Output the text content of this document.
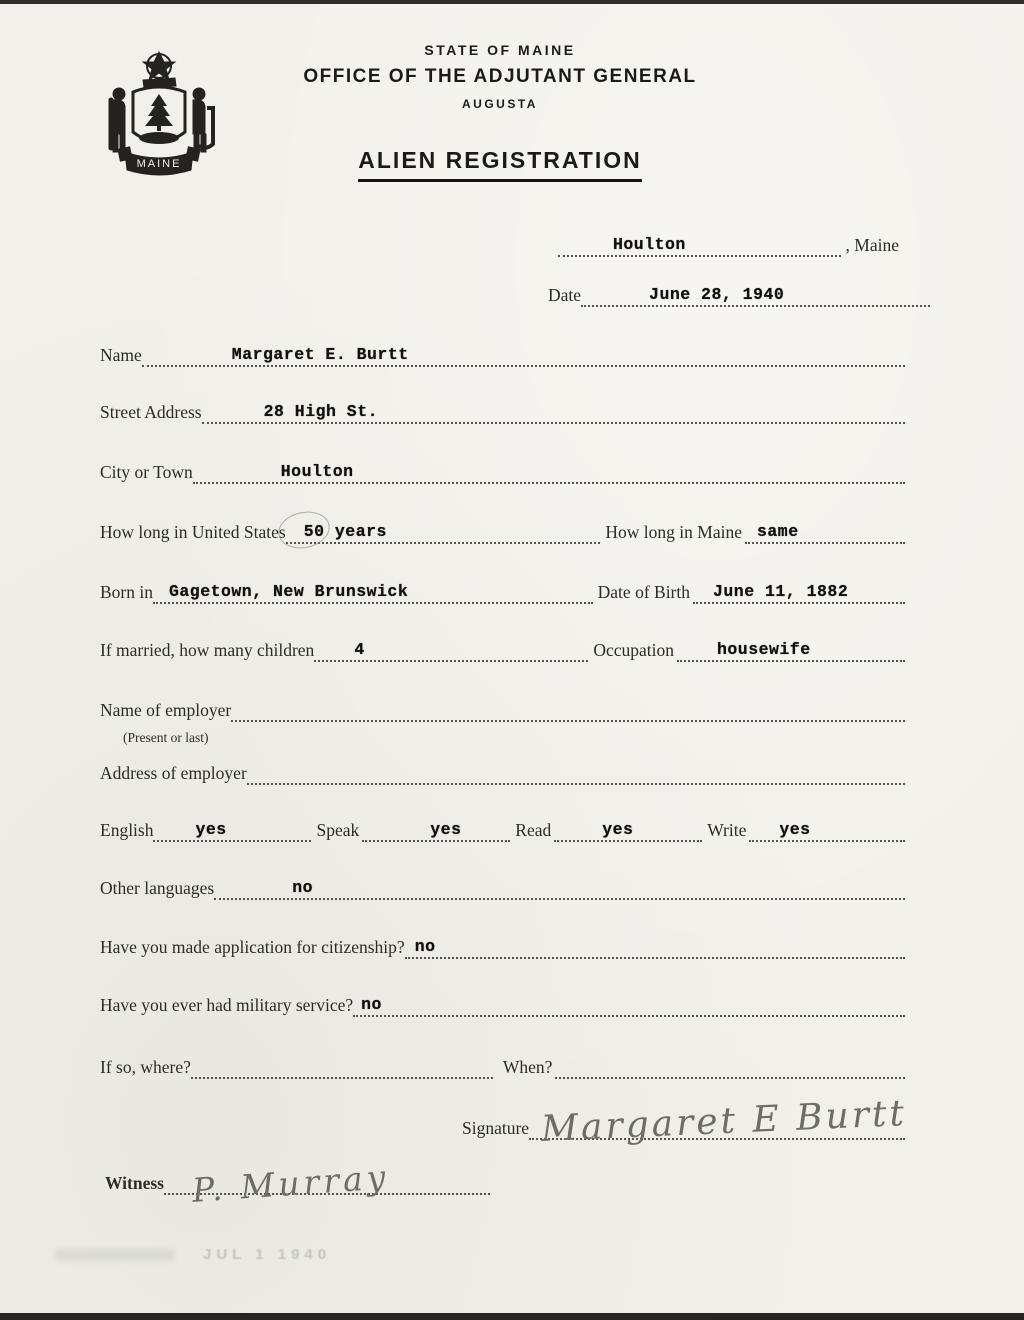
MAINE
STATE OF MAINE
OFFICE OF THE ADJUTANT GENERAL
AUGUSTA
ALIEN REGISTRATION
Houlton	, Maine
Date	June 28, 1940
Name	Margaret E. Burtt
Street Address	28 High St.
City or Town	Houlton
How long in United States 50 years	How long in Maine same
Born in Gagetown, New Brunswick	Date of Birth June 11, 1882
If married, how many children 4	Occupation	housewife
Name of employer
(Present or last)
Address of employer
English	yes	Speak	yes	Read	yes	Write yes
Other languages	no
Have you made application for citizenship? no
Have you ever had military service? no
If so, where?	When?
Signature Margaret E Burtt
Witness P. Murray
JUL 1 1940
